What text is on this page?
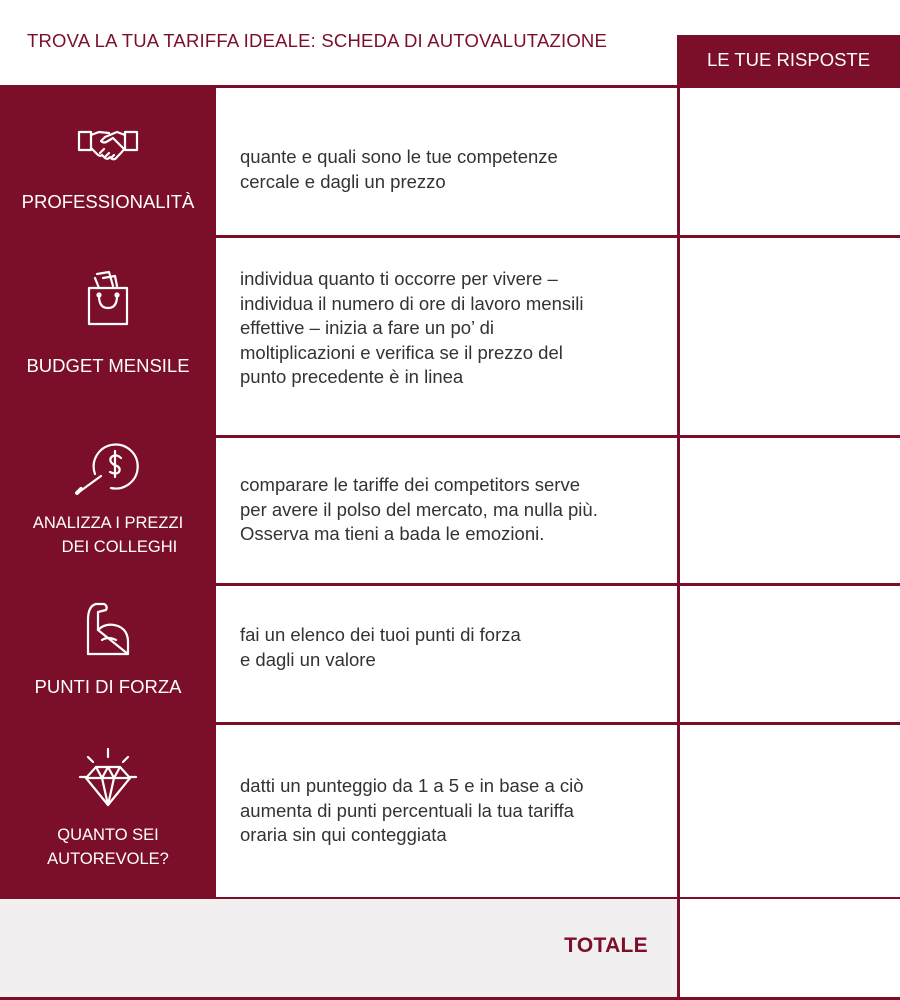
TROVA LA TUA TARIFFA IDEALE: SCHEDA DI AUTOVALUTAZIONE
LE TUE RISPOSTE
PROFESSIONALITÀ
quante e quali sono le tue competenze
cercale e dagli un prezzo
BUDGET MENSILE
individua quanto ti occorre per vivere –
individua il numero di ore di lavoro mensili
effettive – inizia a fare un po’ di
moltiplicazioni e verifica se il prezzo del
punto precedente è in linea
ANALIZZA I PREZZI
DEI COLLEGHI
comparare le tariffe dei competitors serve
per avere il polso del mercato, ma nulla più.
Osserva ma tieni a bada le emozioni.
PUNTI DI FORZA
fai un elenco dei tuoi punti di forza
e dagli un valore
QUANTO SEI
AUTOREVOLE?
datti un punteggio da 1 a 5 e in base a ciò
aumenta di punti percentuali la tua tariffa
oraria sin qui conteggiata
TOTALE
